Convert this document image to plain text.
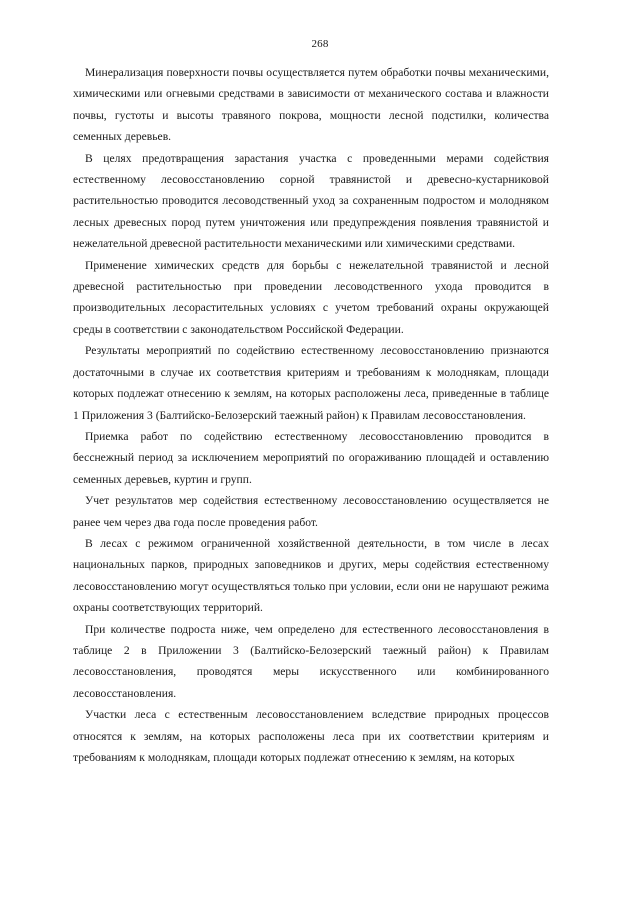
268

Минерализация поверхности почвы осуществляется путем обработки почвы механическими, химическими или огневыми средствами в зависимости от механического состава и влажности почвы, густоты и высоты травяного покрова, мощности лесной подстилки, количества семенных деревьев.

В целях предотвращения зарастания участка с проведенными мерами содействия естественному лесовосстановлению сорной травянистой и древесно-кустарниковой растительностью проводится лесоводственный уход за сохраненным подростом и молодняком лесных древесных пород путем уничтожения или предупреждения появления травянистой и нежелательной древесной растительности механическими или химическими средствами.

Применение химических средств для борьбы с нежелательной травянистой и лесной древесной растительностью при проведении лесоводственного ухода проводится в производительных лесорастительных условиях с учетом требований охраны окружающей среды в соответствии с законодательством Российской Федерации.

Результаты мероприятий по содействию естественному лесовосстановлению признаются достаточными в случае их соответствия критериям и требованиям к молоднякам, площади которых подлежат отнесению к землям, на которых расположены леса, приведенные в таблице 1 Приложения 3 (Балтийско-Белозерский таежный район) к Правилам лесовосстановления.

Приемка работ по содействию естественному лесовосстановлению проводится в бесснежный период за исключением мероприятий по огораживанию площадей и оставлению семенных деревьев, куртин и групп.

Учет результатов мер содействия естественному лесовосстановлению осуществляется не ранее чем через два года после проведения работ.

В лесах с режимом ограниченной хозяйственной деятельности, в том числе в лесах национальных парков, природных заповедников и других, меры содействия естественному лесовосстановлению могут осуществляться только при условии, если они не нарушают режима охраны соответствующих территорий.

При количестве подроста ниже, чем определено для естественного лесовосстановления в таблице 2 в Приложении 3 (Балтийско-Белозерский таежный район) к Правилам лесовосстановления, проводятся меры искусственного или комбинированного лесовосстановления.

Участки леса с естественным лесовосстановлением вследствие природных процессов относятся к землям, на которых расположены леса при их соответствии критериям и требованиям к молоднякам, площади которых подлежат отнесению к землям, на которых
